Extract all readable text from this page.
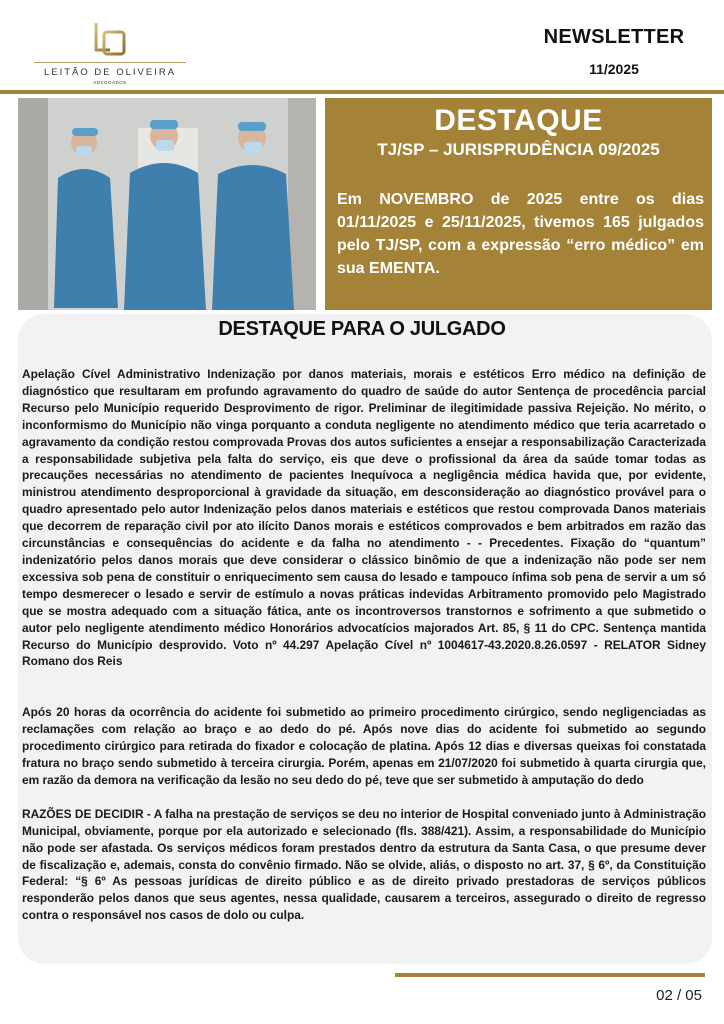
LEITÃO DE OLIVEIRA
ADVOGADOS
NEWSLETTER
11/2025
DESTAQUE
TJ/SP – JURISPRUDÊNCIA 09/2025
Em NOVEMBRO de 2025 entre os dias 01/11/2025 e 25/11/2025, tivemos 165 julgados pelo TJ/SP, com a expressão “erro médico” em sua EMENTA.
DESTAQUE PARA O JULGADO

Apelação Cível Administrativo Indenização por danos materiais, morais e estéticos Erro médico na definição de diagnóstico que resultaram em profundo agravamento do quadro de saúde do autor Sentença de procedência parcial Recurso pelo Município requerido Desprovimento de rigor. Preliminar de ilegitimidade passiva Rejeição. No mérito, o inconformismo do Município não vinga porquanto a conduta negligente no atendimento médico que teria acarretado o agravamento da condição restou comprovada Provas dos autos suficientes a ensejar a responsabilização Caracterizada a responsabilidade subjetiva pela falta do serviço, eis que deve o profissional da área da saúde tomar todas as precauções necessárias no atendimento de pacientes Inequívoca a negligência médica havida que, por evidente, ministrou atendimento desproporcional à gravidade da situação, em desconsideração ao diagnóstico provável para o quadro apresentado pelo autor Indenização pelos danos materiais e estéticos que restou comprovada Danos materiais que decorrem de reparação civil por ato ilícito Danos morais e estéticos comprovados e bem arbitrados em razão das circunstâncias e consequências do acidente e da falha no atendimento - - Precedentes. Fixação do “quantum” indenizatório pelos danos morais que deve considerar o clássico binômio de que a indenização não pode ser nem excessiva sob pena de constituir o enriquecimento sem causa do lesado e tampouco ínfima sob pena de servir a um só tempo desmerecer o lesado e servir de estímulo a novas práticas indevidas Arbitramento promovido pelo Magistrado que se mostra adequado com a situação fática, ante os incontroversos transtornos e sofrimento a que submetido o autor pelo negligente atendimento médico Honorários advocatícios majorados Art. 85, § 11 do CPC. Sentença mantida Recurso do Município desprovido. Voto nº 44.297 Apelação Cível nº 1004617-43.2020.8.26.0597 - RELATOR Sidney Romano dos Reis

Após 20 horas da ocorrência do acidente foi submetido ao primeiro procedimento cirúrgico, sendo negligenciadas as reclamações com relação ao braço e ao dedo do pé. Após nove dias do acidente foi submetido ao segundo procedimento cirúrgico para retirada do fixador e colocação de platina. Após 12 dias e diversas queixas foi constatada fratura no braço sendo submetido à terceira cirurgia. Porém, apenas em 21/07/2020 foi submetido à quarta cirurgia que, em razão da demora na verificação da lesão no seu dedo do pé, teve que ser submetido à amputação do dedo

RAZÕES DE DECIDIR - A falha na prestação de serviços se deu no interior de Hospital conveniado junto à Administração Municipal, obviamente, porque por ela autorizado e selecionado (fls. 388/421). Assim, a responsabilidade do Município não pode ser afastada. Os serviços médicos foram prestados dentro da estrutura da Santa Casa, o que presume dever de fiscalização e, ademais, consta do convênio firmado. Não se olvide, aliás, o disposto no art. 37, § 6º, da Constituição Federal: “§ 6º As pessoas jurídicas de direito público e as de direito privado prestadoras de serviços públicos responderão pelos danos que seus agentes, nessa qualidade, causarem a terceiros, assegurado o direito de regresso contra o responsável nos casos de dolo ou culpa.

02 / 05
